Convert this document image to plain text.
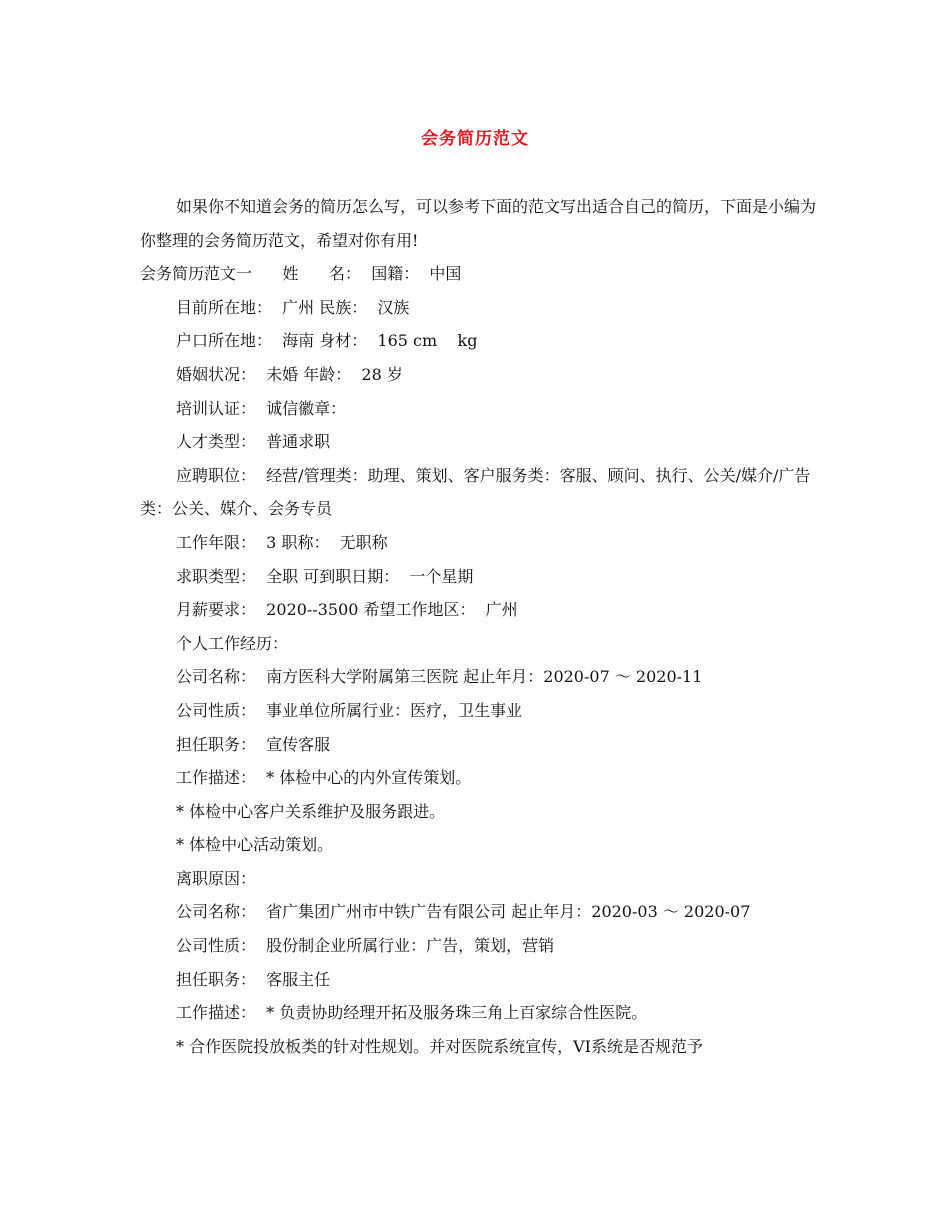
会务简历范文

如果你不知道会务的简历怎么写，可以参考下面的范文写出适合自己的简历，下面是小编为你整理的会务简历范文，希望对你有用!

会务简历范文一      姓      名：  国籍：  中国

目前所在地：  广州 民族：  汉族

户口所在地：  海南 身材：  165 cm    kg

婚姻状况：  未婚 年龄：  28 岁

培训认证：  诚信徽章：

人才类型：  普通求职

应聘职位：  经营/管理类：助理、策划、客户服务类：客服、顾问、执行、公关/媒介/广告类：公关、媒介、会务专员

工作年限：  3 职称：  无职称

求职类型：  全职 可到职日期：  一个星期

月薪要求：  2020--3500 希望工作地区：  广州

个人工作经历：

公司名称：  南方医科大学附属第三医院 起止年月：2020-07 ～ 2020-11

公司性质：  事业单位所属行业：医疗，卫生事业

担任职务：  宣传客服

工作描述：  * 体检中心的内外宣传策划。

* 体检中心客户关系维护及服务跟进。

* 体检中心活动策划。

离职原因：

公司名称：  省广集团广州市中铁广告有限公司 起止年月：2020-03 ～ 2020-07

公司性质：  股份制企业所属行业：广告，策划，营销

担任职务：  客服主任

工作描述：  * 负责协助经理开拓及服务珠三角上百家综合性医院。

* 合作医院投放板类的针对性规划。并对医院系统宣传，VI系统是否规范予
